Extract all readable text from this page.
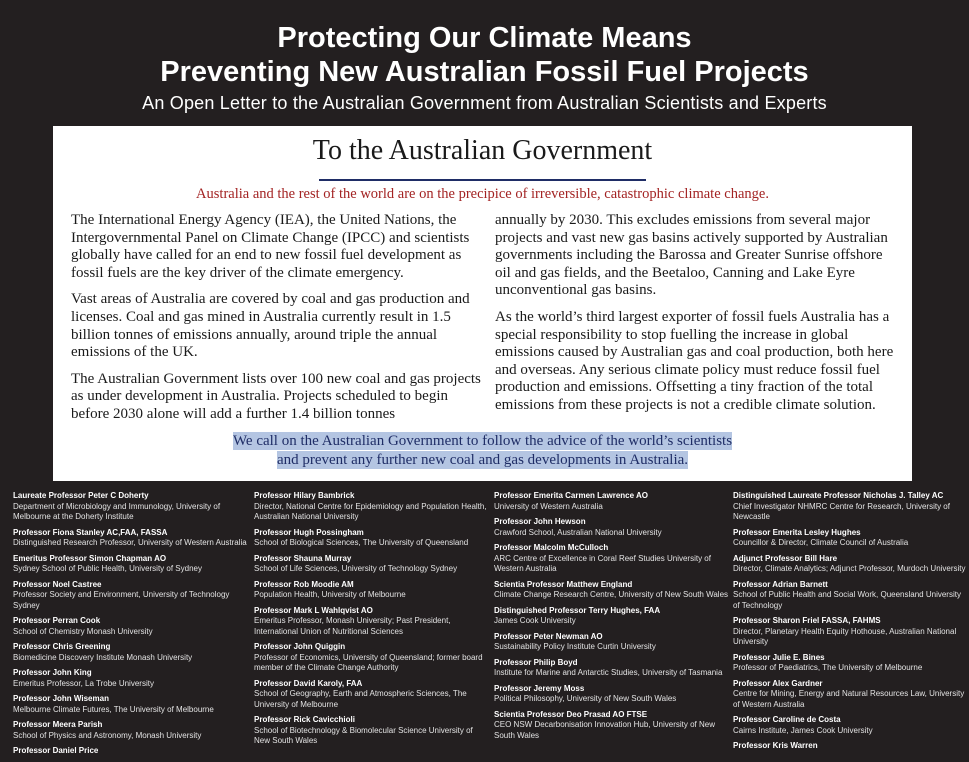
Protecting Our Climate Means
Preventing New Australian Fossil Fuel Projects
An Open Letter to the Australian Government from Australian Scientists and Experts
To the Australian Government
Australia and the rest of the world are on the precipice of irreversible, catastrophic climate change.

The International Energy Agency (IEA), the United Nations, the Intergovernmental Panel on Climate Change (IPCC) and scientists globally have called for an end to new fossil fuel development as fossil fuels are the key driver of the climate emergency.

Vast areas of Australia are covered by coal and gas production and licenses. Coal and gas mined in Australia currently result in 1.5 billion tonnes of emissions annually, around triple the annual emissions of the UK.

The Australian Government lists over 100 new coal and gas projects as under development in Australia. Projects scheduled to begin before 2030 alone will add a further 1.4 billion tonnes

annually by 2030. This excludes emissions from several major projects and vast new gas basins actively supported by Australian governments including the Barossa and Greater Sunrise offshore oil and gas fields, and the Beetaloo, Canning and Lake Eyre unconventional gas basins.

As the world’s third largest exporter of fossil fuels Australia has a special responsibility to stop fuelling the increase in global emissions caused by Australian gas and coal production, both here and overseas. Any serious climate policy must reduce fossil fuel production and emissions. Offsetting a tiny fraction of the total emissions from these projects is not a credible climate solution.

We call on the Australian Government to follow the advice of the world’s scientists
and prevent any further new coal and gas developments in Australia.
Laureate Professor Peter C Doherty
Department of Microbiology and Immunology, University of Melbourne at the Doherty Institute
Professor Fiona Stanley AC,FAA, FASSA
Distinguished Research Professor, University of Western Australia
Emeritus Professor Simon Chapman AO
Sydney School of Public Health, University of Sydney
Professor Noel Castree
Professor Society and Environment, University of Technology Sydney
Professor Perran Cook
School of Chemistry Monash University
Professor Chris Greening
Biomedicine Discovery Institute Monash University
Professor John King
Emeritus Professor, La Trobe University
Professor John Wiseman
Melbourne Climate Futures, The University of Melbourne
Professor Meera Parish
School of Physics and Astronomy, Monash University
Professor Daniel Price
Professor Hilary Bambrick
Director, National Centre for Epidemiology and Population Health, Australian National University
Professor Hugh Possingham
School of Biological Sciences, The University of Queensland
Professor Shauna Murray
School of Life Sciences, University of Technology Sydney
Professor Rob Moodie AM
Population Health, University of Melbourne
Professor Mark L Wahlqvist AO
Emeritus Professor, Monash University; Past President, International Union of Nutritional Sciences
Professor John Quiggin
Professor of Economics, University of Queensland; former board member of the Climate Change Authority
Professor David Karoly, FAA
School of Geography, Earth and Atmospheric Sciences, The University of Melbourne
Professor Rick Cavicchioli
School of Biotechnology & Biomolecular Science University of New South Wales
Professor Emerita Carmen Lawrence AO
University of Western Australia
Professor John Hewson
Crawford School, Australian National University
Professor Malcolm McCulloch
ARC Centre of Excellence in Coral Reef Studies University of Western Australia
Scientia Professor Matthew England
Climate Change Research Centre, University of New South Wales
Distinguished Professor Terry Hughes, FAA
James Cook University
Professor Peter Newman AO
Sustainability Policy Institute Curtin University
Professor Philip Boyd
Institute for Marine and Antarctic Studies, University of Tasmania
Professor Jeremy Moss
Political Philosophy, University of New South Wales
Scientia Professor Deo Prasad AO FTSE
CEO NSW Decarbonisation Innovation Hub, University of New South Wales
Distinguished Laureate Professor Nicholas J. Talley AC
Chief Investigator NHMRC Centre for Research, University of Newcastle
Professor Emerita Lesley Hughes
Councillor & Director, Climate Council of Australia
Adjunct Professor Bill Hare
Director, Climate Analytics; Adjunct Professor, Murdoch University
Professor Adrian Barnett
School of Public Health and Social Work, Queensland University of Technology
Professor Sharon Friel FASSA, FAHMS
Director, Planetary Health Equity Hothouse, Australian National University
Professor Julie E. Bines
Professor of Paediatrics, The University of Melbourne
Professor Alex Gardner
Centre for Mining, Energy and Natural Resources Law, University of Western Australia
Professor Caroline de Costa
Cairns Institute, James Cook University
Professor Kris Warren
